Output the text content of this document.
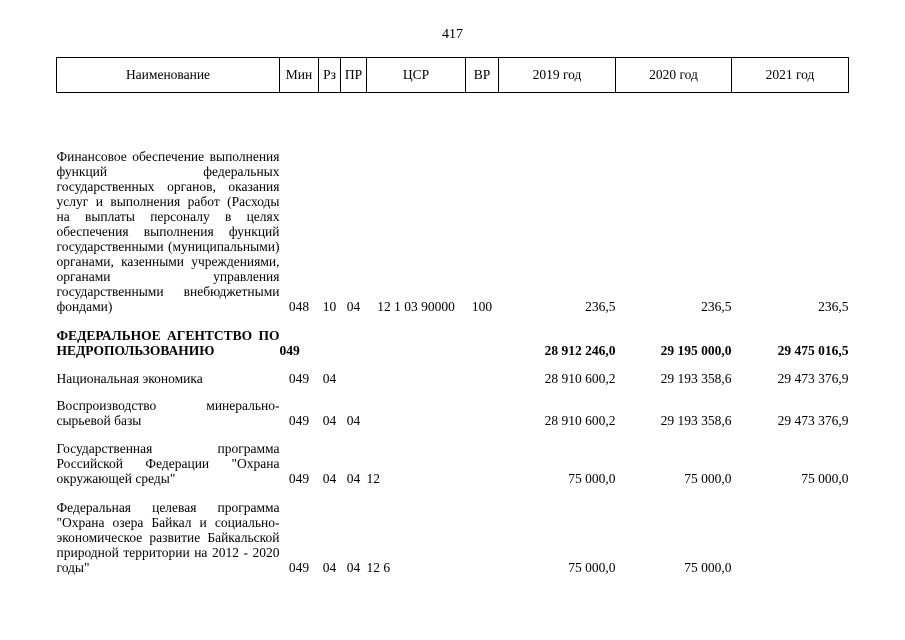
417
Наименование	Мин	Рз	ПР	ЦСР	ВР	2019 год	2020 год	2021 год
Финансовое обеспечение выполнения функций федеральных государственных органов, оказания услуг и выполнения работ (Расходы на выплаты персоналу в целях обеспечения выполнения функций государственными (муниципальными) органами, казенными учреждениями, органами управления государственными внебюджетными фондами)	048	10	04	12 1 03 90000	100	236,5	236,5	236,5
ФЕДЕРАЛЬНОЕ АГЕНТСТВО ПО НЕДРОПОЛЬЗОВАНИЮ	049					28 912 246,0	29 195 000,0	29 475 016,5
Национальная экономика	049	04				28 910 600,2	29 193 358,6	29 473 376,9
Воспроизводство минерально-сырьевой базы	049	04	04			28 910 600,2	29 193 358,6	29 473 376,9
Государственная программа Российской Федерации "Охрана окружающей среды"	049	04	04	12		75 000,0	75 000,0	75 000,0
Федеральная целевая программа "Охрана озера Байкал и социально-экономическое развитие Байкальской природной территории на 2012 - 2020 годы"	049	04	04	12 6		75 000,0	75 000,0	
